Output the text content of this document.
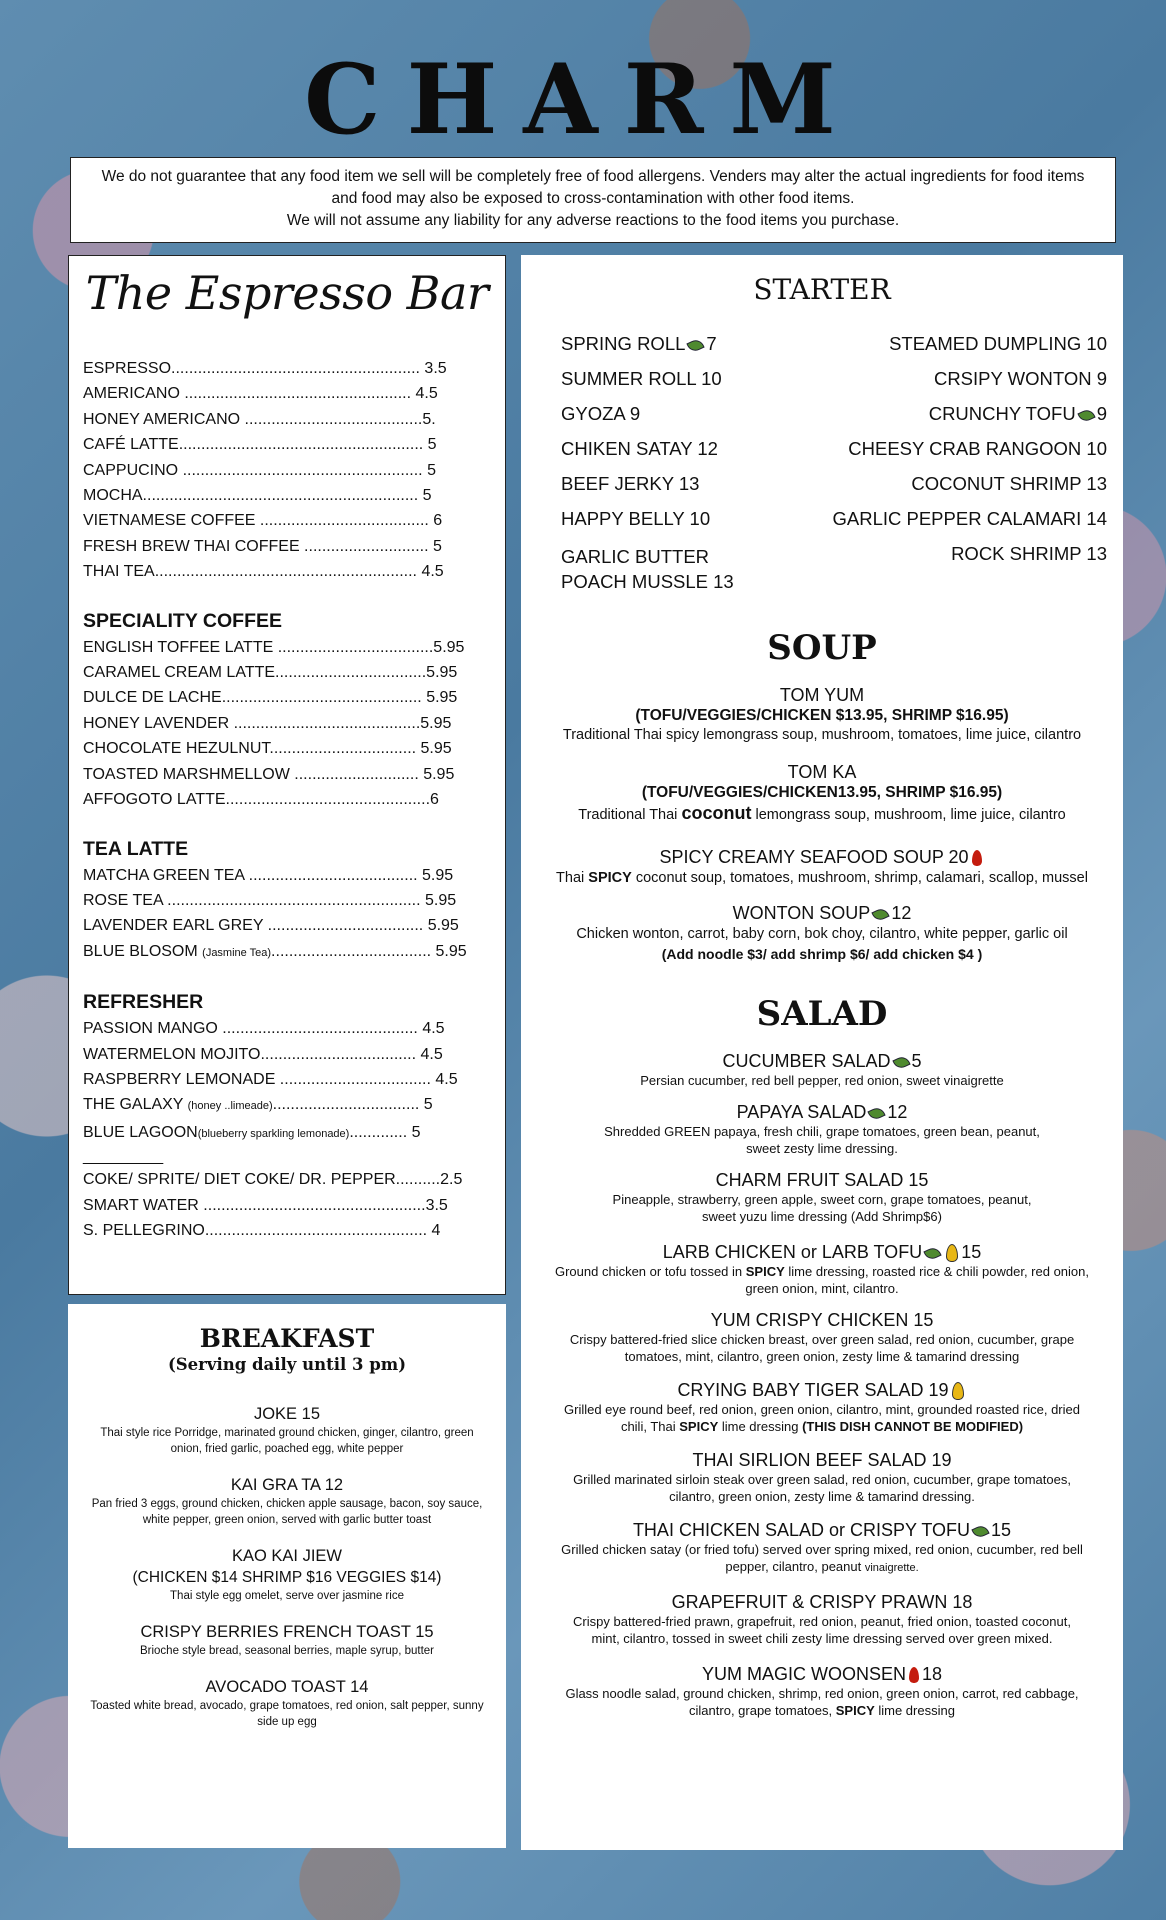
CHARM
We do not guarantee that any food item we sell will be completely free of food allergens. Venders may alter the actual ingredients for food items
and food may also be exposed to cross-contamination with other food items.
We will not assume any liability for any adverse reactions to the food items you purchase.
The Espresso Bar
ESPRESSO........................................................ 3.5
AMERICANO ................................................... 4.5
HONEY AMERICANO ........................................5.
CAFÉ LATTE....................................................... 5
CAPPUCINO ...................................................... 5
MOCHA.............................................................. 5
VIETNAMESE COFFEE ...................................... 6
FRESH BREW THAI COFFEE ............................ 5
THAI TEA........................................................... 4.5
SPECIALITY COFFEE
ENGLISH TOFFEE LATTE ...................................5.95
CARAMEL CREAM LATTE..................................5.95
DULCE DE LACHE............................................. 5.95
HONEY LAVENDER ..........................................5.95
CHOCOLATE HEZULNUT................................. 5.95
TOASTED MARSHMELLOW ............................ 5.95
AFFOGOTO LATTE..............................................6
TEA LATTE
MATCHA GREEN TEA ...................................... 5.95
ROSE TEA ......................................................... 5.95
LAVENDER EARL GREY ................................... 5.95
BLUE BLOSOM (Jasmine Tea).................................... 5.95
REFRESHER
PASSION MANGO ............................................ 4.5
WATERMELON MOJITO................................... 4.5
RASPBERRY LEMONADE .................................. 4.5
THE GALAXY (honey ..limeade)................................. 5
BLUE LAGOON(blueberry sparkling lemonade)............. 5
_________
COKE/ SPRITE/ DIET COKE/ DR. PEPPER..........2.5
SMART WATER ..................................................3.5
S. PELLEGRINO.................................................. 4
BREAKFAST
(Serving daily until 3 pm)
JOKE 15
Thai style rice Porridge, marinated ground chicken, ginger, cilantro, green onion, fried garlic, poached egg, white pepper
KAI GRA TA 12
Pan fried 3 eggs, ground chicken, chicken apple sausage, bacon, soy sauce, white pepper, green onion, served with garlic butter toast
KAO KAI JIEW
(CHICKEN $14 SHRIMP $16 VEGGIES $14)
Thai style egg omelet, serve over jasmine rice
CRISPY BERRIES FRENCH TOAST 15
Brioche style bread, seasonal berries, maple syrup, butter
AVOCADO TOAST 14
Toasted white bread, avocado, grape tomatoes, red onion, salt pepper, sunny side up egg
STARTER
SPRING ROLL 7
SUMMER ROLL 10
GYOZA 9
CHIKEN SATAY 12
BEEF JERKY 13
HAPPY BELLY 10
GARLIC BUTTER
POACH MUSSLE 13
STEAMED DUMPLING 10
CRSIPY WONTON 9
CRUNCHY TOFU 9
CHEESY CRAB RANGOON 10
COCONUT SHRIMP 13
GARLIC PEPPER CALAMARI 14
ROCK SHRIMP 13
SOUP
TOM YUM
(TOFU/VEGGIES/CHICKEN $13.95, SHRIMP $16.95)
Traditional Thai spicy lemongrass soup, mushroom, tomatoes, lime juice, cilantro
TOM KA
(TOFU/VEGGIES/CHICKEN13.95, SHRIMP $16.95)
Traditional Thai coconut lemongrass soup, mushroom, lime juice, cilantro
SPICY CREAMY SEAFOOD SOUP 20
Thai SPICY coconut soup, tomatoes, mushroom, shrimp, calamari, scallop, mussel
WONTON SOUP 12
Chicken wonton, carrot, baby corn, bok choy, cilantro, white pepper, garlic oil
(Add noodle $3/ add shrimp $6/ add chicken $4 )
SALAD
CUCUMBER SALAD 5
Persian cucumber, red bell pepper, red onion, sweet vinaigrette
PAPAYA SALAD 12
Shredded GREEN papaya, fresh chili, grape tomatoes, green bean, peanut,
sweet zesty lime dressing.
CHARM FRUIT SALAD 15
Pineapple, strawberry, green apple, sweet corn, grape tomatoes, peanut,
sweet yuzu lime dressing (Add Shrimp$6)
LARB CHICKEN or LARB TOFU 15
Ground chicken or tofu tossed in SPICY lime dressing, roasted rice & chili powder, red onion,
green onion, mint, cilantro.
YUM CRISPY CHICKEN 15
Crispy battered-fried slice chicken breast, over green salad, red onion, cucumber, grape
tomatoes, mint, cilantro, green onion, zesty lime & tamarind dressing
CRYING BABY TIGER SALAD 19
Grilled eye round beef, red onion, green onion, cilantro, mint, grounded roasted rice, dried
chili, Thai SPICY lime dressing (THIS DISH CANNOT BE MODIFIED)
THAI SIRLION BEEF SALAD 19
Grilled marinated sirloin steak over green salad, red onion, cucumber, grape tomatoes,
cilantro, green onion, zesty lime & tamarind dressing.
THAI CHICKEN SALAD or CRISPY TOFU 15
Grilled chicken satay (or fried tofu) served over spring mixed, red onion, cucumber, red bell
pepper, cilantro, peanut vinaigrette.
GRAPEFRUIT & CRISPY PRAWN 18
Crispy battered-fried prawn, grapefruit, red onion, peanut, fried onion, toasted coconut,
mint, cilantro, tossed in sweet chili zesty lime dressing served over green mixed.
YUM MAGIC WOONSEN 18
Glass noodle salad, ground chicken, shrimp, red onion, green onion, carrot, red cabbage,
cilantro, grape tomatoes, SPICY lime dressing
